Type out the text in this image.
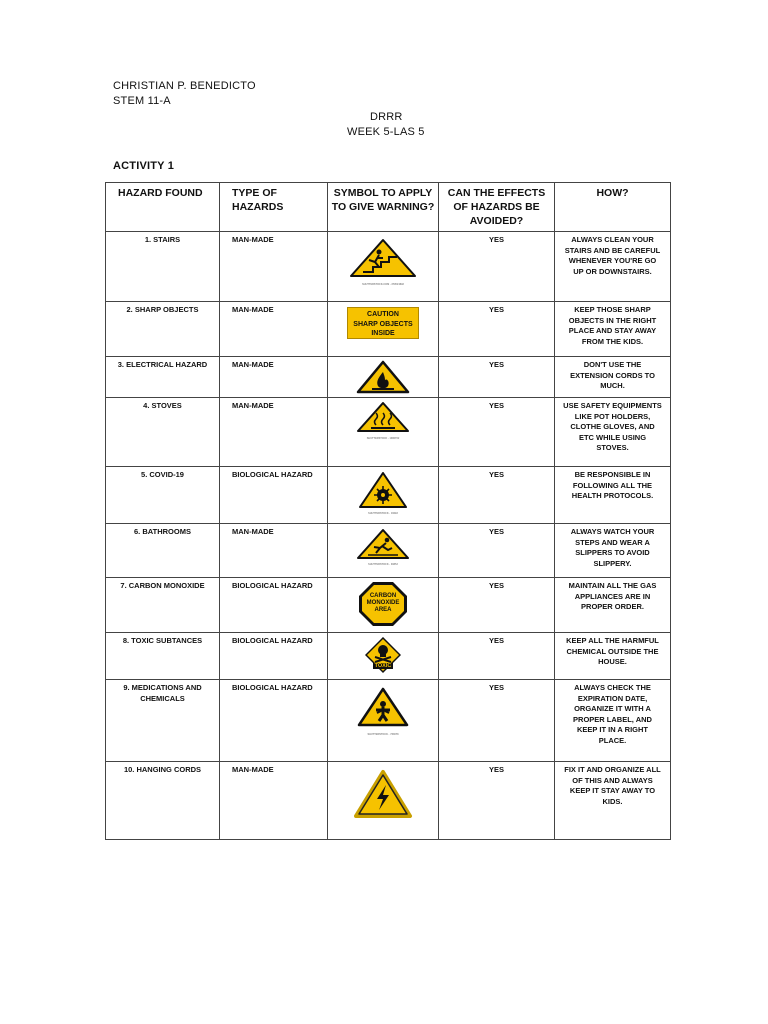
CHRISTIAN P. BENEDICTO
STEM 11-A
DRRR
WEEK 5-LAS 5
ACTIVITY 1
HAZARD FOUND	TYPE OF HAZARDS	SYMBOL TO APPLY TO GIVE WARNING?	CAN THE EFFECTS OF HAZARDS BE AVOIDED?	HOW?
1. STAIRS	MAN-MADE	SHUTTERSTOCK.COM · 379524892	YES	ALWAYS CLEAN YOUR STAIRS AND BE CAREFUL WHENEVER YOU'RE GO UP OR DOWNSTAIRS.
2. SHARP OBJECTS	MAN-MADE	CAUTION
SHARP OBJECTS
INSIDE	YES	KEEP THOSE SHARP OBJECTS IN THE RIGHT PLACE AND STAY AWAY FROM THE KIDS.
3. ELECTRICAL HAZARD	MAN-MADE		YES	DON'T USE THE EXTENSION CORDS TO MUCH.
4. STOVES	MAN-MADE	SHUTTERSTOCK · 1380762	YES	USE SAFETY EQUIPMENTS LIKE POT HOLDERS, CLOTHE GLOVES, AND ETC WHILE USING STOVES.
5. COVID-19	BIOLOGICAL HAZARD	SHUTTERSTOCK · 16692	YES	BE RESPONSIBLE IN FOLLOWING ALL THE HEALTH PROTOCOLS.
6. BATHROOMS	MAN-MADE	SHUTTERSTOCK · 30852	YES	ALWAYS WATCH YOUR STEPS AND WEAR A SLIPPERS TO AVOID SLIPPERY.
7. CARBON MONOXIDE	BIOLOGICAL HAZARD	CARBON
MONOXIDE
AREA	YES	MAINTAIN ALL THE GAS APPLIANCES ARE IN PROPER ORDER.
8. TOXIC SUBTANCES	BIOLOGICAL HAZARD	TOXIC	YES	KEEP ALL THE HARMFUL CHEMICAL OUTSIDE THE HOUSE.
9. MEDICATIONS AND CHEMICALS	BIOLOGICAL HAZARD	SHUTTERSTOCK · 733078	YES	ALWAYS CHECK THE EXPIRATION DATE, ORGANIZE IT WITH A PROPER LABEL, AND KEEP IT IN A RIGHT PLACE.
10. HANGING CORDS	MAN-MADE		YES	FIX IT AND ORGANIZE ALL OF THIS AND ALWAYS KEEP IT STAY AWAY TO KIDS.
